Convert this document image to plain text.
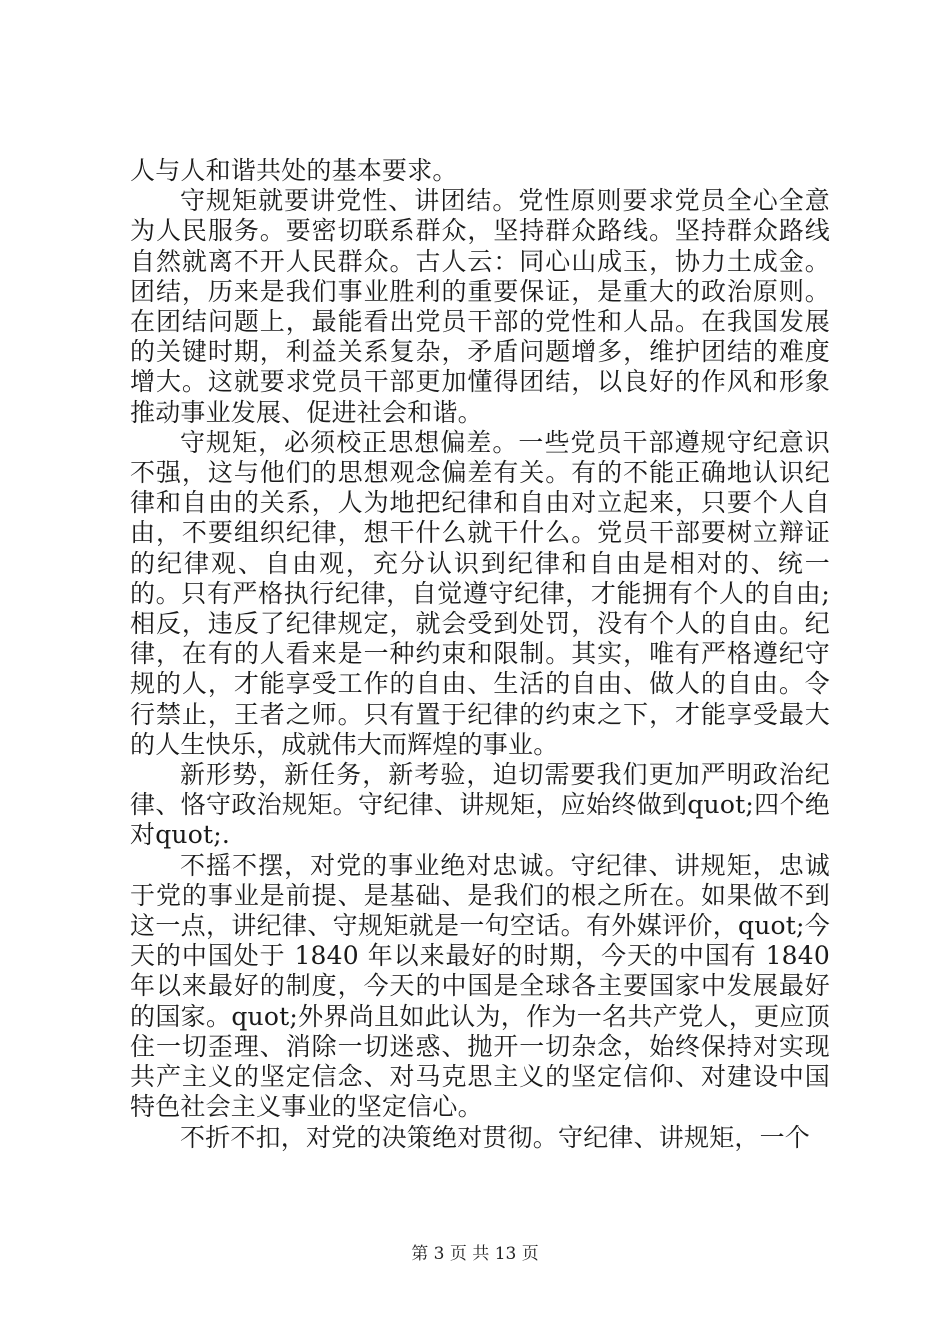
人与人和谐共处的基本要求。

守规矩就要讲党性、讲团结。党性原则要求党员全心全意为人民服务。要密切联系群众，坚持群众路线。坚持群众路线自然就离不开人民群众。古人云：同心山成玉，协力土成金。团结，历来是我们事业胜利的重要保证，是重大的政治原则。在团结问题上，最能看出党员干部的党性和人品。在我国发展的关键时期，利益关系复杂，矛盾问题增多，维护团结的难度增大。这就要求党员干部更加懂得团结，以良好的作风和形象推动事业发展、促进社会和谐。

守规矩，必须校正思想偏差。一些党员干部遵规守纪意识不强，这与他们的思想观念偏差有关。有的不能正确地认识纪律和自由的关系，人为地把纪律和自由对立起来，只要个人自由，不要组织纪律，想干什么就干什么。党员干部要树立辩证的纪律观、自由观，充分认识到纪律和自由是相对的、统一的。只有严格执行纪律，自觉遵守纪律，才能拥有个人的自由;相反，违反了纪律规定，就会受到处罚，没有个人的自由。纪律，在有的人看来是一种约束和限制。其实，唯有严格遵纪守规的人，才能享受工作的自由、生活的自由、做人的自由。令行禁止，王者之师。只有置于纪律的约束之下，才能享受最大的人生快乐，成就伟大而辉煌的事业。

新形势，新任务，新考验，迫切需要我们更加严明政治纪律、恪守政治规矩。守纪律、讲规矩，应始终做到quot;四个绝对quot;.

不摇不摆，对党的事业绝对忠诚。守纪律、讲规矩，忠诚于党的事业是前提、是基础、是我们的根之所在。如果做不到这一点，讲纪律、守规矩就是一句空话。有外媒评价，quot;今天的中国处于 1840 年以来最好的时期，今天的中国有 1840 年以来最好的制度，今天的中国是全球各主要国家中发展最好的国家。quot;外界尚且如此认为，作为一名共产党人，更应顶住一切歪理、消除一切迷惑、抛开一切杂念，始终保持对实现共产主义的坚定信念、对马克思主义的坚定信仰、对建设中国特色社会主义事业的坚定信心。

不折不扣，对党的决策绝对贯彻。守纪律、讲规矩，一个

第 3 页 共 13 页
